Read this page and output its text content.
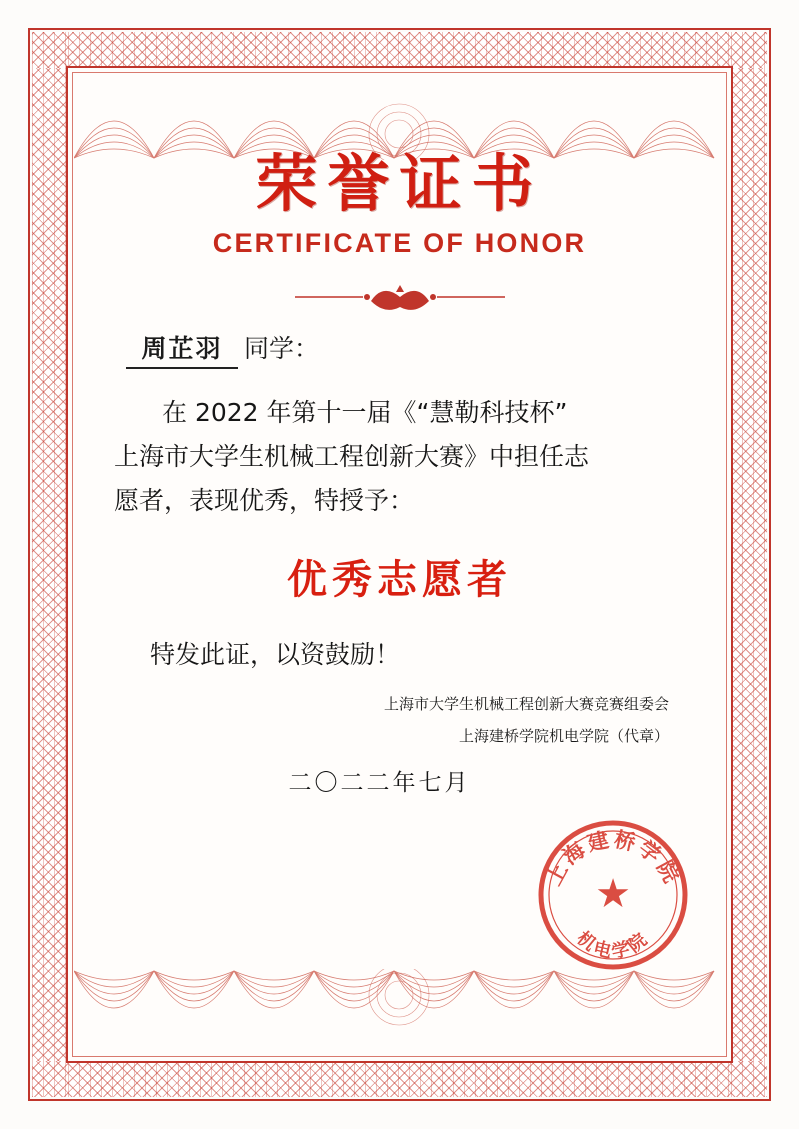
荣誉证书
CERTIFICATE OF HONOR
周芷羽 同学：
在 2022 年第十一届《“慧勒科技杯”
上海市大学生机械工程创新大赛》中担任志
愿者，表现优秀，特授予：
优秀志愿者
特发此证，以资鼓励！
上海市大学生机械工程创新大赛竞赛组委会
上海建桥学院机电学院（代章）
二〇二二年七月
上海建桥学院
机电学院
★
